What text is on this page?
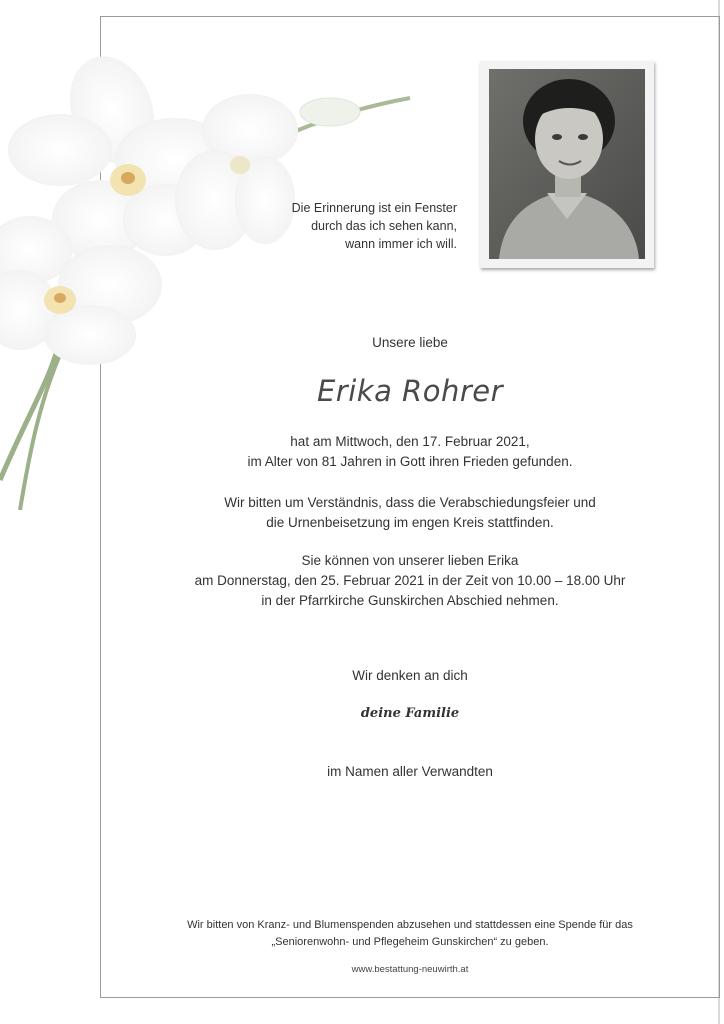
Die Erinnerung ist ein Fenster
durch das ich sehen kann,
wann immer ich will.
Unsere liebe
Erika Rohrer
hat am Mittwoch, den 17. Februar 2021,
im Alter von 81 Jahren in Gott ihren Frieden gefunden.
Wir bitten um Verständnis, dass die Verabschiedungsfeier und
die Urnenbeisetzung im engen Kreis stattfinden.
Sie können von unserer lieben Erika
am Donnerstag, den 25. Februar 2021 in der Zeit von 10.00 – 18.00 Uhr
in der Pfarrkirche Gunskirchen Abschied nehmen.
Wir denken an dich
deine Familie
im Namen aller Verwandten
Wir bitten von Kranz- und Blumenspenden abzusehen und stattdessen eine Spende für das
„Seniorenwohn- und Pflegeheim Gunskirchen“ zu geben.
www.bestattung-neuwirth.at
